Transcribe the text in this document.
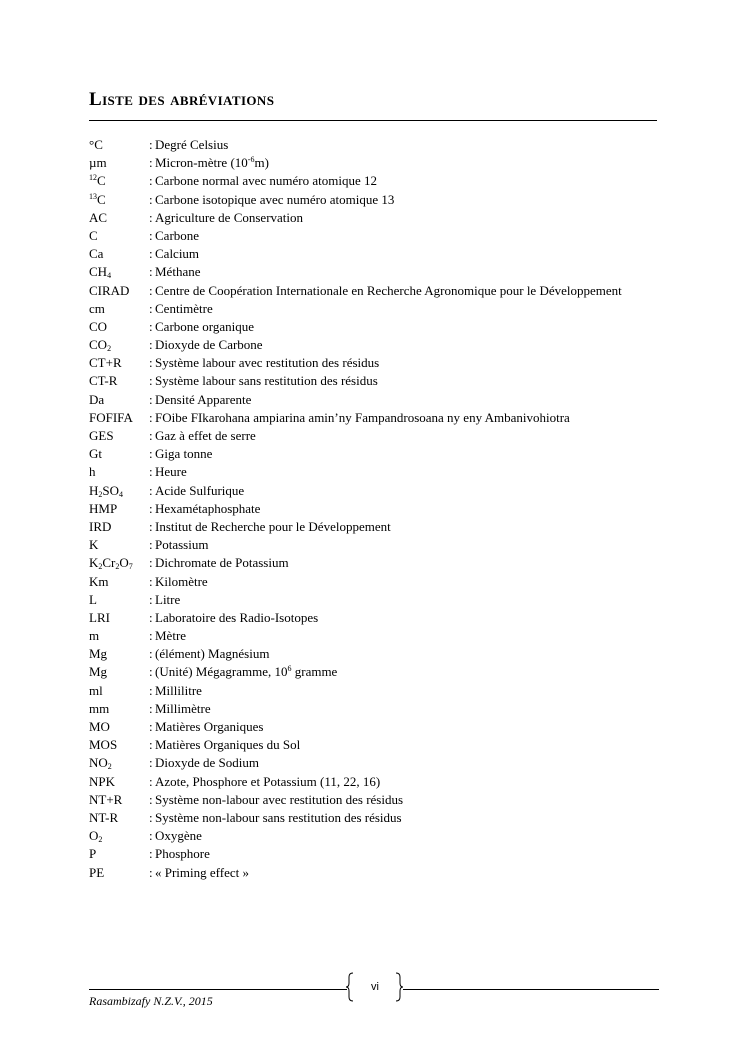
Liste des abréviations
°C	: Degré Celsius
µm	: Micron-mètre $(10^{-6}m)$
$^{12}$C	: Carbone normal avec numéro atomique 12
$^{13}$C	: Carbone isotopique avec numéro atomique 13
AC	: Agriculture de Conservation
C	: Carbone
Ca	: Calcium
$CH_4$	: Méthane
CIRAD : Centre de Coopération Internationale en Recherche Agronomique pour le Développement
cm	: Centimètre
CO	: Carbone organique
$CO_2$	: Dioxyde de Carbone
CT+R : Système labour avec restitution des résidus
CT-R : Système labour sans restitution des résidus
Da	: Densité Apparente
FOFIFA : FOibe FIkarohana ampiarina amin’ny Fampandrosoana ny eny Ambanivohiotra
GES	: Gaz à effet de serre
Gt	: Giga tonne
h	: Heure
$H_2SO_4$ : Acide Sulfurique
HMP : Hexamétaphosphate
IRD	: Institut de Recherche pour le Développement
K	: Potassium
$K_2Cr_2O_7$ : Dichromate de Potassium
Km	: Kilomètre
L	: Litre
LRI	: Laboratoire des Radio-Isotopes
m	: Mètre
Mg	: (élément) Magnésium
Mg	: (Unité) Mégagramme, $10^6$ gramme
ml	: Millilitre
mm	: Millimètre
MO	: Matières Organiques
MOS : Matières Organiques du Sol
$NO_2$	: Dioxyde de Sodium
NPK	: Azote, Phosphore et Potassium (11, 22, 16)
NT+R : Système non-labour avec restitution des résidus
NT-R : Système non-labour sans restitution des résidus
$O_2$	: Oxygène
P	: Phosphore
PE	: « Priming effect »
vi
Rasambizafy N.Z.V., 2015
